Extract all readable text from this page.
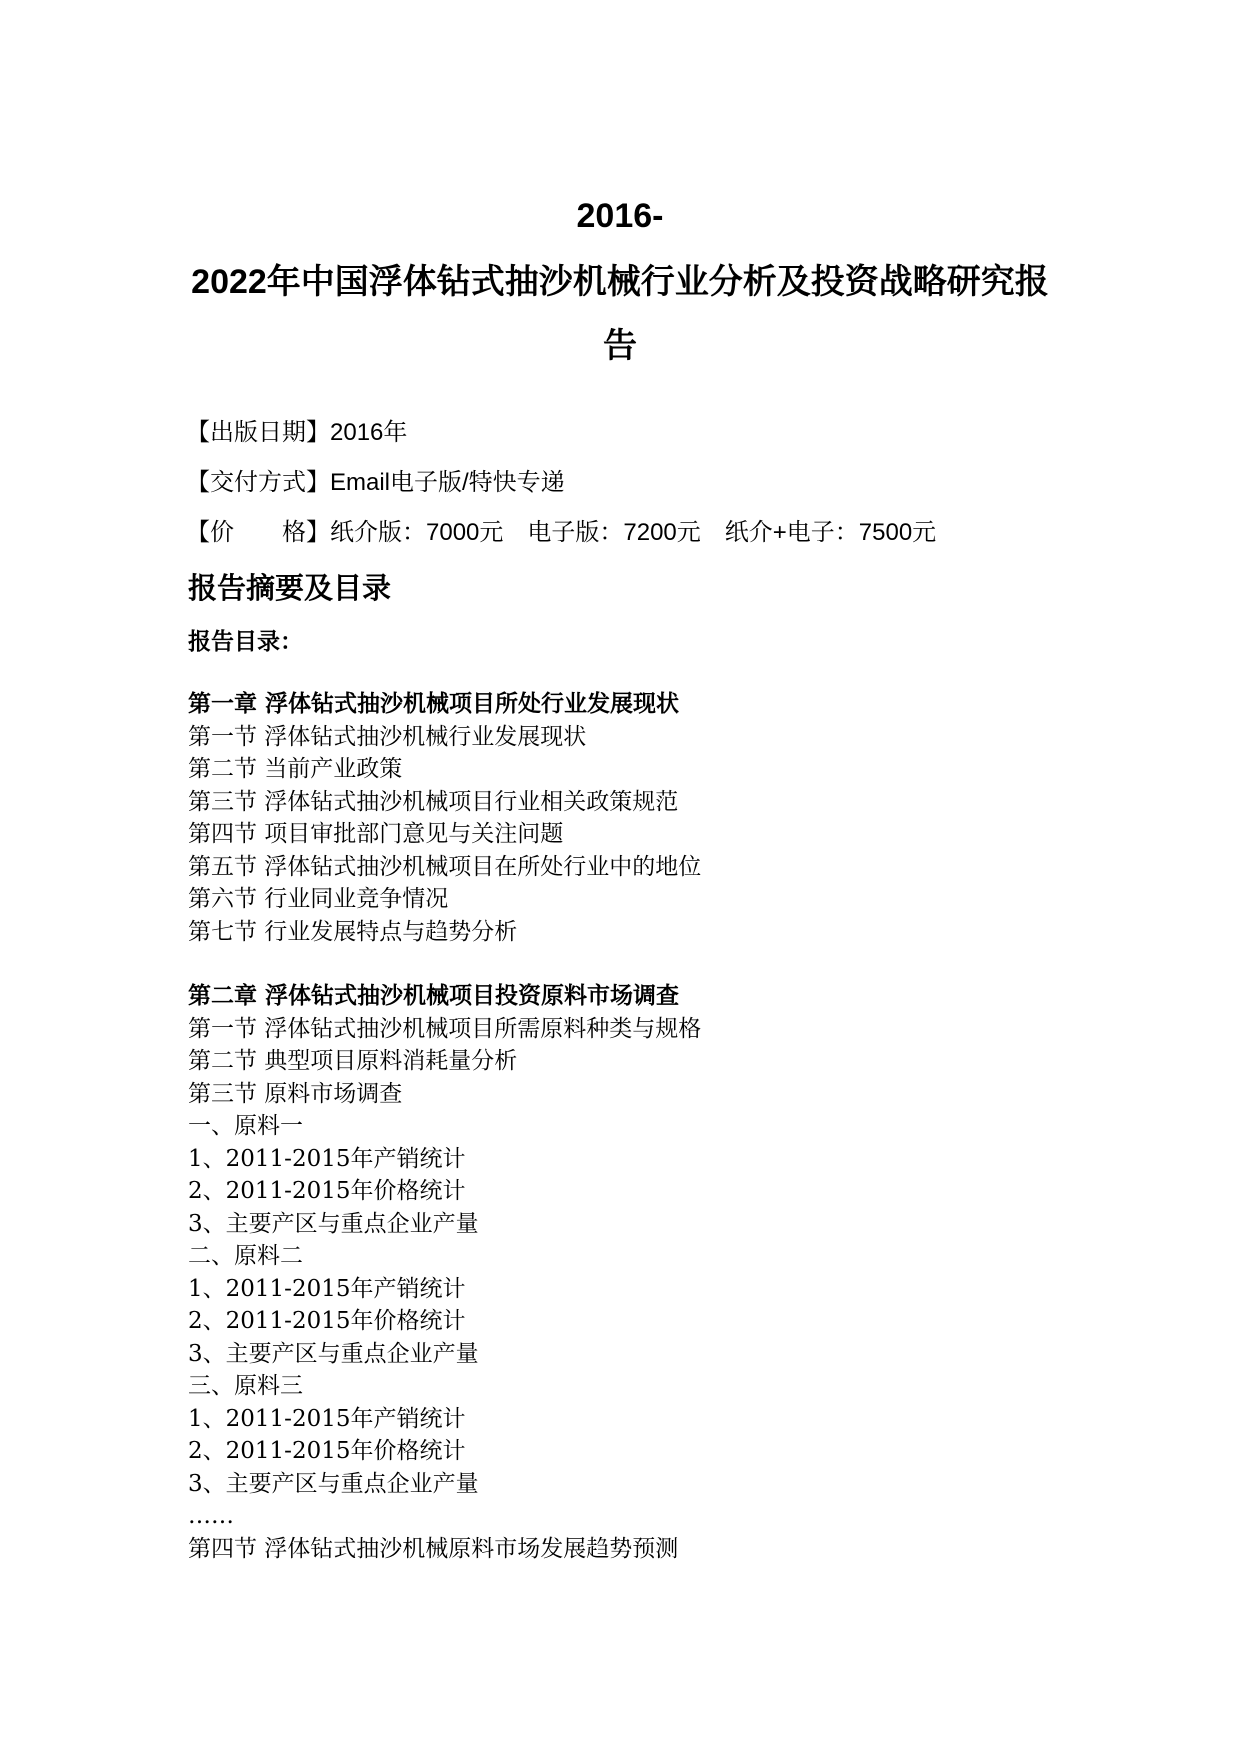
2016-
2022年中国浮体钻式抽沙机械行业分析及投资战略研究报
告

【出版日期】2016年

【交付方式】Email电子版/特快专递

【价　　格】纸介版：7000元 电子版：7200元 纸介+电子：7500元

报告摘要及目录
报告目录：
第一章 浮体钻式抽沙机械项目所处行业发展现状
第一节 浮体钻式抽沙机械行业发展现状
第二节 当前产业政策
第三节 浮体钻式抽沙机械项目行业相关政策规范
第四节 项目审批部门意见与关注问题
第五节 浮体钻式抽沙机械项目在所处行业中的地位
第六节 行业同业竞争情况
第七节 行业发展特点与趋势分析
第二章 浮体钻式抽沙机械项目投资原料市场调查
第一节 浮体钻式抽沙机械项目所需原料种类与规格
第二节 典型项目原料消耗量分析
第三节 原料市场调查
一、原料一
1、2011-2015年产销统计
2、2011-2015年价格统计
3、主要产区与重点企业产量
二、原料二
1、2011-2015年产销统计
2、2011-2015年价格统计
3、主要产区与重点企业产量
三、原料三
1、2011-2015年产销统计
2、2011-2015年价格统计
3、主要产区与重点企业产量
……
第四节 浮体钻式抽沙机械原料市场发展趋势预测
